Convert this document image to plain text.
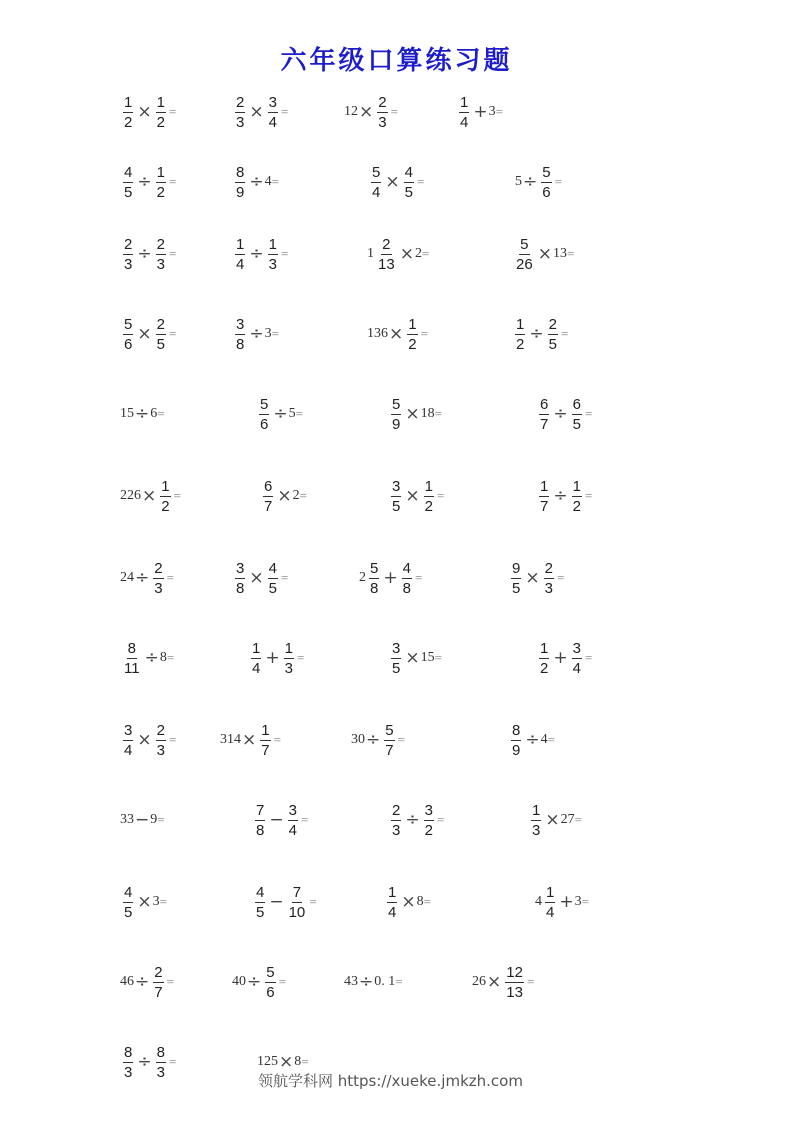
六年级口算练习题
$\frac{1}{2} \times \frac{1}{2}$ =	$\frac{2}{3} \times \frac{3}{4}$ =	$12 \times \frac{2}{3}$ =	$\frac{1}{4} + 3$ =
$\frac{4}{5} \div \frac{1}{2}$ =	$\frac{8}{9} \div 4$ =	$\frac{5}{4} \times \frac{4}{5}$ =	$5 \div \frac{5}{6}$ =
$\frac{2}{3} \div \frac{2}{3}$ =	$\frac{1}{4} \div \frac{1}{3}$ =	$1 \frac{2}{13} \times 2$ =	$\frac{5}{26} \times 13$ =
$\frac{5}{6} \times \frac{2}{5}$ =	$\frac{3}{8} \div 3$ =	$136 \times \frac{1}{2}$ =	$\frac{1}{2} \div \frac{2}{5}$ =
15 ÷ 6 =	$\frac{5}{6} \div 5$ =	$\frac{5}{9} \times 18$ =	$\frac{6}{7} \div \frac{6}{5}$ =
$226 \times \frac{1}{2}$ =	$\frac{6}{7} \times 2$ =	$\frac{3}{5} \times \frac{1}{2}$ =	$\frac{1}{7} \div \frac{1}{2}$ =
$24 \div \frac{2}{3}$ =	$\frac{3}{8} \times \frac{4}{5}$ =	$2 \frac{5}{8} + \frac{4}{8}$ =	$\frac{9}{5} \times \frac{2}{3}$ =
$\frac{8}{11} \div 8$ =	$\frac{1}{4} + \frac{1}{3}$ =	$\frac{3}{5} \times 15$ =	$\frac{1}{2} + \frac{3}{4}$ =
$\frac{3}{4} \times \frac{2}{3}$ =	$314 \times \frac{1}{7}$ =	$30 \div \frac{5}{7}$ =	$\frac{8}{9} \div 4$ =
33 − 9 =	$\frac{7}{8} - \frac{3}{4}$ =	$\frac{2}{3} \div \frac{3}{2}$ =	$\frac{1}{3} \times 27$ =
$\frac{4}{5} \times 3$ =	$\frac{4}{5} - \frac{7}{10}$ =	$\frac{1}{4} \times 8$ =	$4 \frac{1}{4} + 3$ =
$46 \div \frac{2}{7}$ =	$40 \div \frac{5}{6}$ =	43 ÷ 0. 1 =	$26 \times \frac{12}{13}$ =
$\frac{8}{3} \div \frac{8}{3}$ =	125 × 8 =
领航学科网 https://xueke.jmkzh.com
